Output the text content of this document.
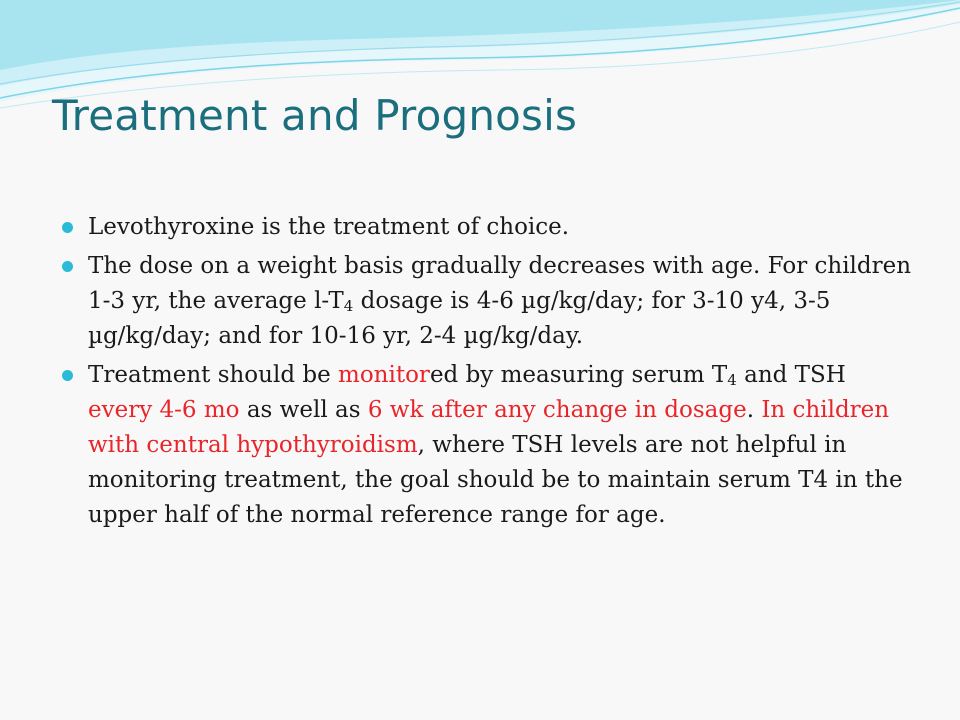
Treatment and Prognosis
Levothyroxine is the treatment of choice.
The dose on a weight basis gradually decreases with age. For children 1-3 yr, the average $l-T_4$ dosage is 4-6 µg/kg/day; for 3-10 y4, 3-5 µg/kg/day; and for 10-16 yr, 2-4 µg/kg/day.
Treatment should be monitored by measuring serum $T_4$ and TSH every 4-6 mo as well as 6 wk after any change in dosage. In children with central hypothyroidism, where TSH levels are not helpful in monitoring treatment, the goal should be to maintain serum T4 in the upper half of the normal reference range for age.
